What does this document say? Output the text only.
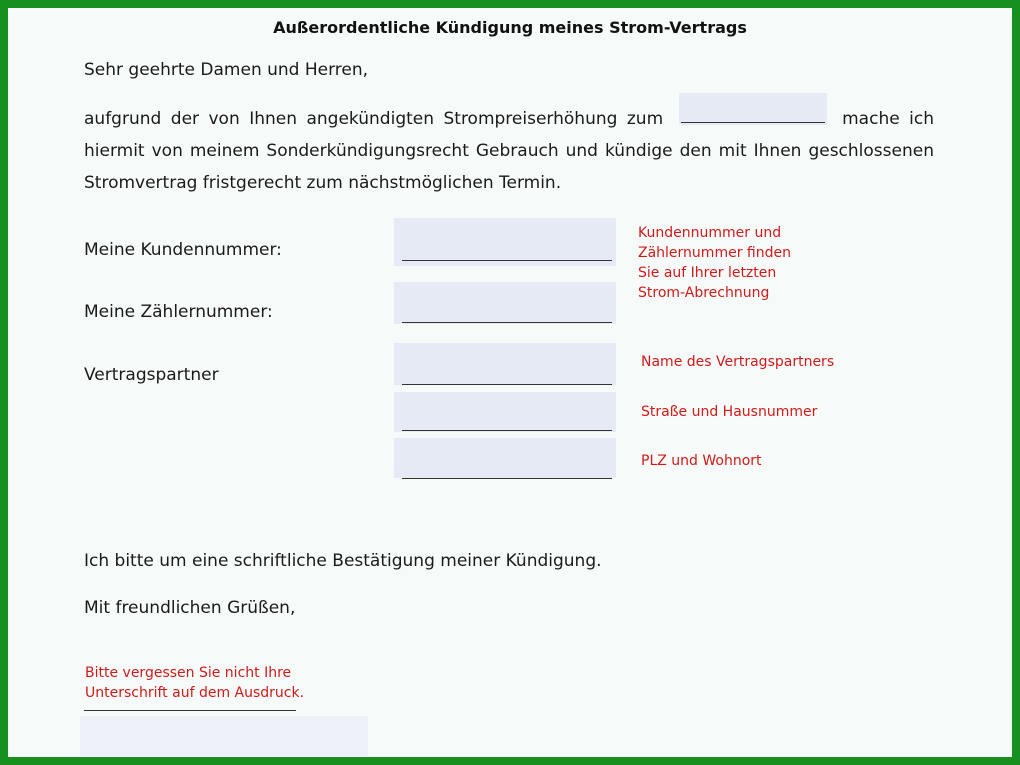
Außerordentliche Kündigung meines Strom-Vertrags
Sehr geehrte Damen und Herren,
aufgrund der von Ihnen angekündigten Strompreiserhöhung zum	mache ich
hiermit von meinem Sonderkündigungsrecht Gebrauch und kündige den mit Ihnen geschlossenen
Stromvertrag fristgerecht zum nächstmöglichen Termin.
Meine Kundennummer:
Meine Zählernummer:
Kundennummer und
Zählernummer finden
Sie auf Ihrer letzten
Strom-Abrechnung
Vertragspartner
Name des Vertragspartners
Straße und Hausnummer
PLZ und Wohnort
Ich bitte um eine schriftliche Bestätigung meiner Kündigung.
Mit freundlichen Grüßen,
Bitte vergessen Sie nicht Ihre
Unterschrift auf dem Ausdruck.
